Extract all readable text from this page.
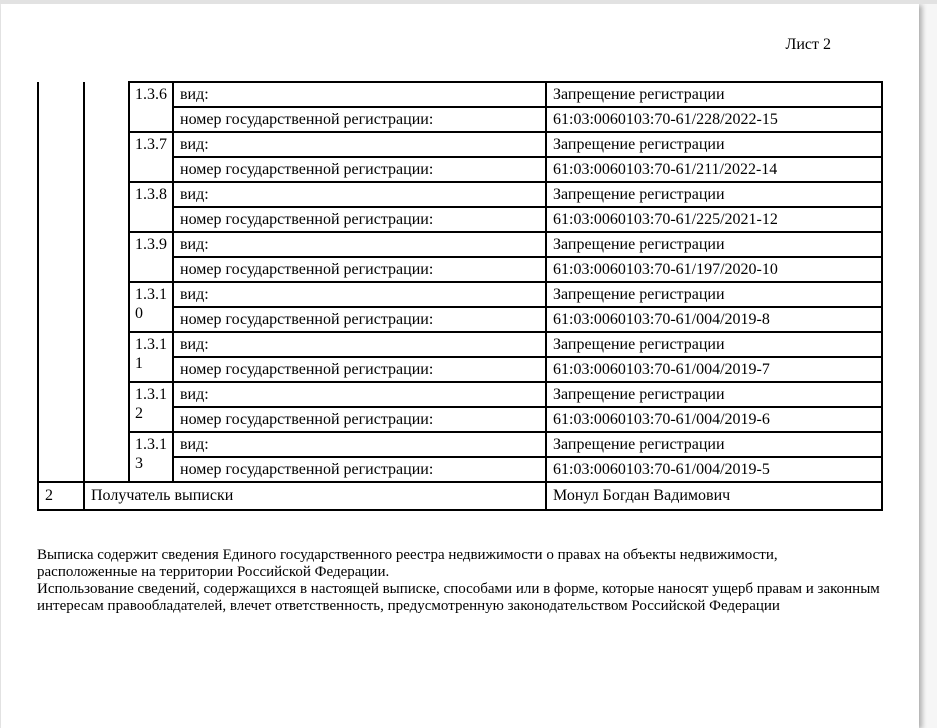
Лист 2
		1.3.6	вид:	Запрещение регистрации
			номер государственной регистрации:	61:03:0060103:70-61/228/2022-15
		1.3.7	вид:	Запрещение регистрации
			номер государственной регистрации:	61:03:0060103:70-61/211/2022-14
		1.3.8	вид:	Запрещение регистрации
			номер государственной регистрации:	61:03:0060103:70-61/225/2021-12
		1.3.9	вид:	Запрещение регистрации
			номер государственной регистрации:	61:03:0060103:70-61/197/2020-10
		1.3.10	вид:	Запрещение регистрации
			номер государственной регистрации:	61:03:0060103:70-61/004/2019-8
		1.3.11	вид:	Запрещение регистрации
			номер государственной регистрации:	61:03:0060103:70-61/004/2019-7
		1.3.12	вид:	Запрещение регистрации
			номер государственной регистрации:	61:03:0060103:70-61/004/2019-6
		1.3.13	вид:	Запрещение регистрации
			номер государственной регистрации:	61:03:0060103:70-61/004/2019-5
2	Получатель выписки			Монул Богдан Вадимович
Выписка содержит сведения Единого государственного реестра недвижимости о правах на объекты недвижимости,
расположенные на территории Российской Федерации.
Использование сведений, содержащихся в настоящей выписке, способами или в форме, которые наносят ущерб правам и законным
интересам правообладателей, влечет ответственность, предусмотренную законодательством Российской Федерации
